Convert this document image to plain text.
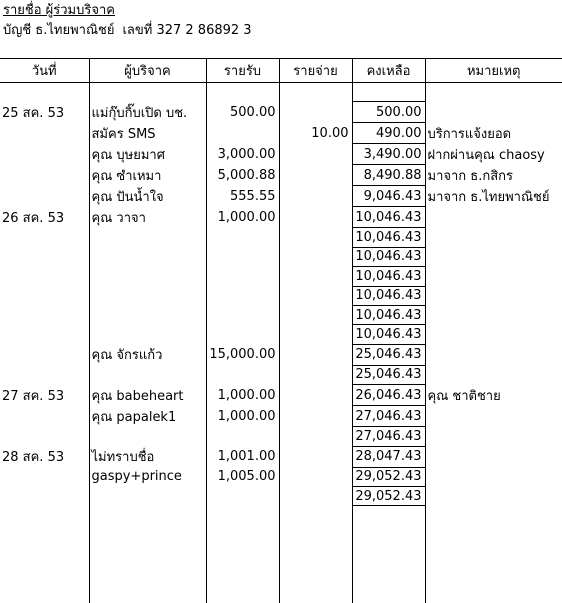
รายชื่อ ผู้ร่วมบริจาค
บัญชี ธ.ไทยพาณิชย์ เลขที่ 327 2 86892 3
วันที่	ผู้บริจาค	รายรับ	รายจ่าย	คงเหลือ	หมายเหตุ

25 สค. 53	แม่กุ๊บกิ๊บเปิด บช.	500.00		500.00	
	สมัคร SMS		10.00	490.00	บริการแจ้งยอด
	คุณ บุษยมาศ	3,000.00		3,490.00	ฝากผ่านคุณ chaosy
	คุณ ซำเหมา	5,000.88		8,490.88	มาจาก ธ.กสิกร
	คุณ ปันน้ำใจ	555.55		9,046.43	มาจาก ธ.ไทยพาณิชย์
26 สค. 53	คุณ วาจา	1,000.00		10,046.43	
				10,046.43	
				10,046.43	
				10,046.43	
				10,046.43	
				10,046.43	
				10,046.43	
	คุณ จักรแก้ว	15,000.00		25,046.43	
				25,046.43	
27 สค. 53	คุณ babeheart	1,000.00		26,046.43	คุณ ชาติชาย
	คุณ papalek1	1,000.00		27,046.43	
				27,046.43	
28 สค. 53	ไม่ทราบชื่อ	1,001.00		28,047.43	
	gaspy+prince	1,005.00		29,052.43	
				29,052.43	
